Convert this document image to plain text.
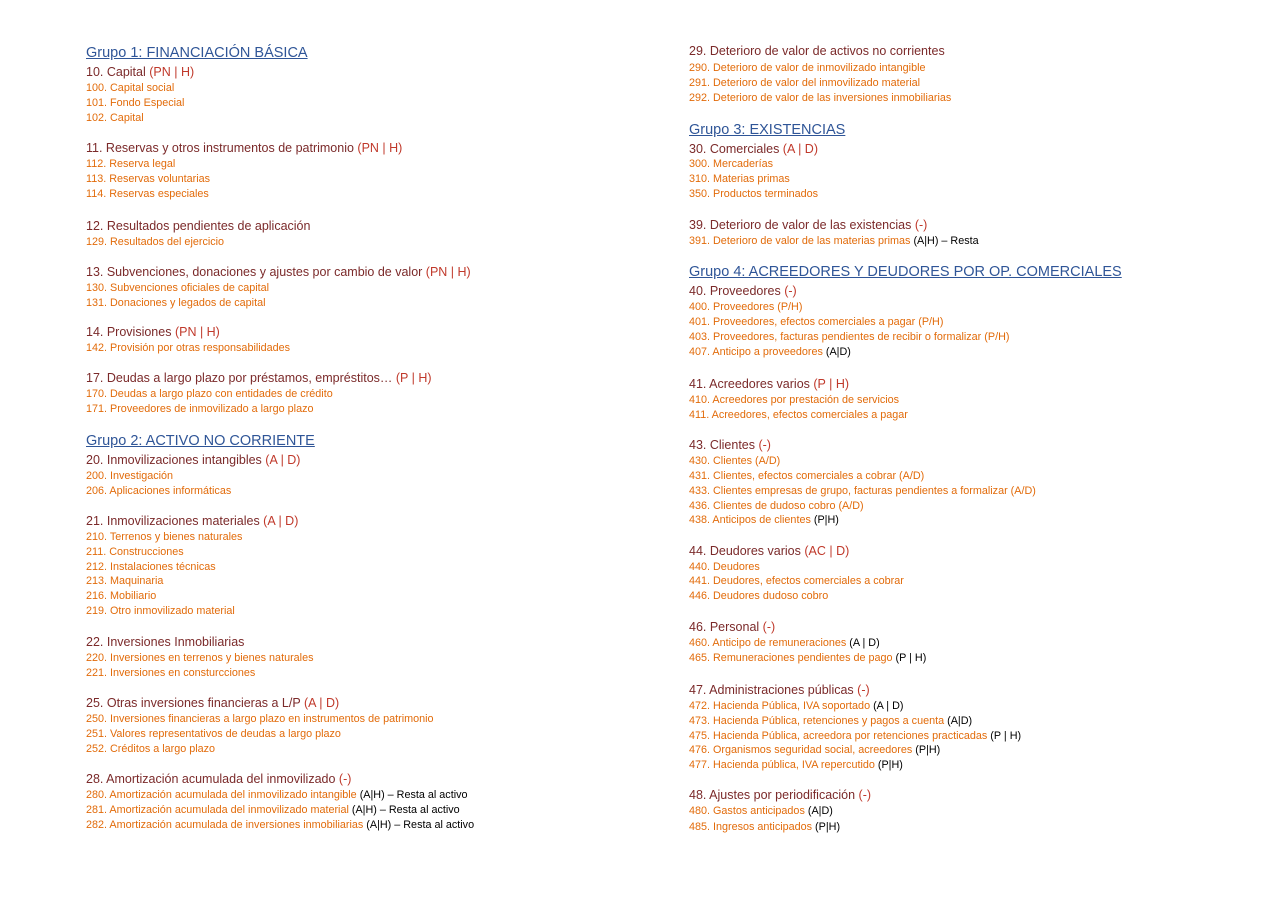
Grupo 1: FINANCIACIÓN BÁSICA
10. Capital (PN | H)
100. Capital social
101. Fondo Especial
102. Capital
11. Reservas y otros instrumentos de patrimonio (PN | H)
112. Reserva legal
113. Reservas voluntarias
114. Reservas especiales
12. Resultados pendientes de aplicación
129. Resultados del ejercicio
13. Subvenciones, donaciones y ajustes por cambio de valor (PN | H)
130. Subvenciones oficiales de capital
131. Donaciones y legados de capital
14. Provisiones (PN | H)
142. Provisión por otras responsabilidades
17. Deudas a largo plazo por préstamos, empréstitos… (P | H)
170. Deudas a largo plazo con entidades de crédito
171. Proveedores de inmovilizado a largo plazo
Grupo 2: ACTIVO NO CORRIENTE
20. Inmovilizaciones intangibles (A | D)
200. Investigación
206. Aplicaciones informáticas
21. Inmovilizaciones materiales (A | D)
210. Terrenos y bienes naturales
211. Construcciones
212. Instalaciones técnicas
213. Maquinaria
216. Mobiliario
219. Otro inmovilizado material
22. Inversiones Inmobiliarias
220. Inversiones en terrenos y bienes naturales
221. Inversiones en consturcciones
25. Otras inversiones financieras a L/P (A | D)
250. Inversiones financieras a largo plazo en instrumentos de patrimonio
251. Valores representativos de deudas a largo plazo
252. Créditos a largo plazo
28. Amortización acumulada del inmovilizado (-)
280. Amortización acumulada del inmovilizado intangible (A|H) – Resta al activo
281. Amortización acumulada del inmovilizado material (A|H) – Resta al activo
282. Amortización acumulada de inversiones inmobiliarias (A|H) – Resta al activo
29. Deterioro de valor de activos no corrientes
290. Deterioro de valor de inmovilizado intangible
291. Deterioro de valor del inmovilizado material
292. Deterioro de valor de las inversiones inmobiliarias
Grupo 3: EXISTENCIAS
30. Comerciales (A | D)
300. Mercaderías
310. Materias primas
350. Productos terminados
39. Deterioro de valor de las existencias (-)
391. Deterioro de valor de las materias primas (A|H) – Resta
Grupo 4: ACREEDORES Y DEUDORES POR OP. COMERCIALES
40. Proveedores (-)
400. Proveedores (P/H)
401. Proveedores, efectos comerciales a pagar (P/H)
403. Proveedores, facturas pendientes de recibir o formalizar (P/H)
407. Anticipo a proveedores (A|D)
41. Acreedores varios (P | H)
410. Acreedores por prestación de servicios
411. Acreedores, efectos comerciales a pagar
43. Clientes (-)
430. Clientes (A/D)
431. Clientes, efectos comerciales a cobrar (A/D)
433. Clientes empresas de grupo, facturas pendientes a formalizar (A/D)
436. Clientes de dudoso cobro (A/D)
438. Anticipos de clientes (P|H)
44. Deudores varios (AC | D)
440. Deudores
441. Deudores, efectos comerciales a cobrar
446. Deudores dudoso cobro
46. Personal (-)
460. Anticipo de remuneraciones (A | D)
465. Remuneraciones pendientes de pago (P | H)
47. Administraciones públicas (-)
472. Hacienda Pública, IVA soportado (A | D)
473. Hacienda Pública, retenciones y pagos a cuenta (A|D)
475. Hacienda Pública, acreedora por retenciones practicadas (P | H)
476. Organismos seguridad social, acreedores (P|H)
477. Hacienda pública, IVA repercutido (P|H)
48. Ajustes por periodificación (-)
480. Gastos anticipados (A|D)
485. Ingresos anticipados (P|H)
